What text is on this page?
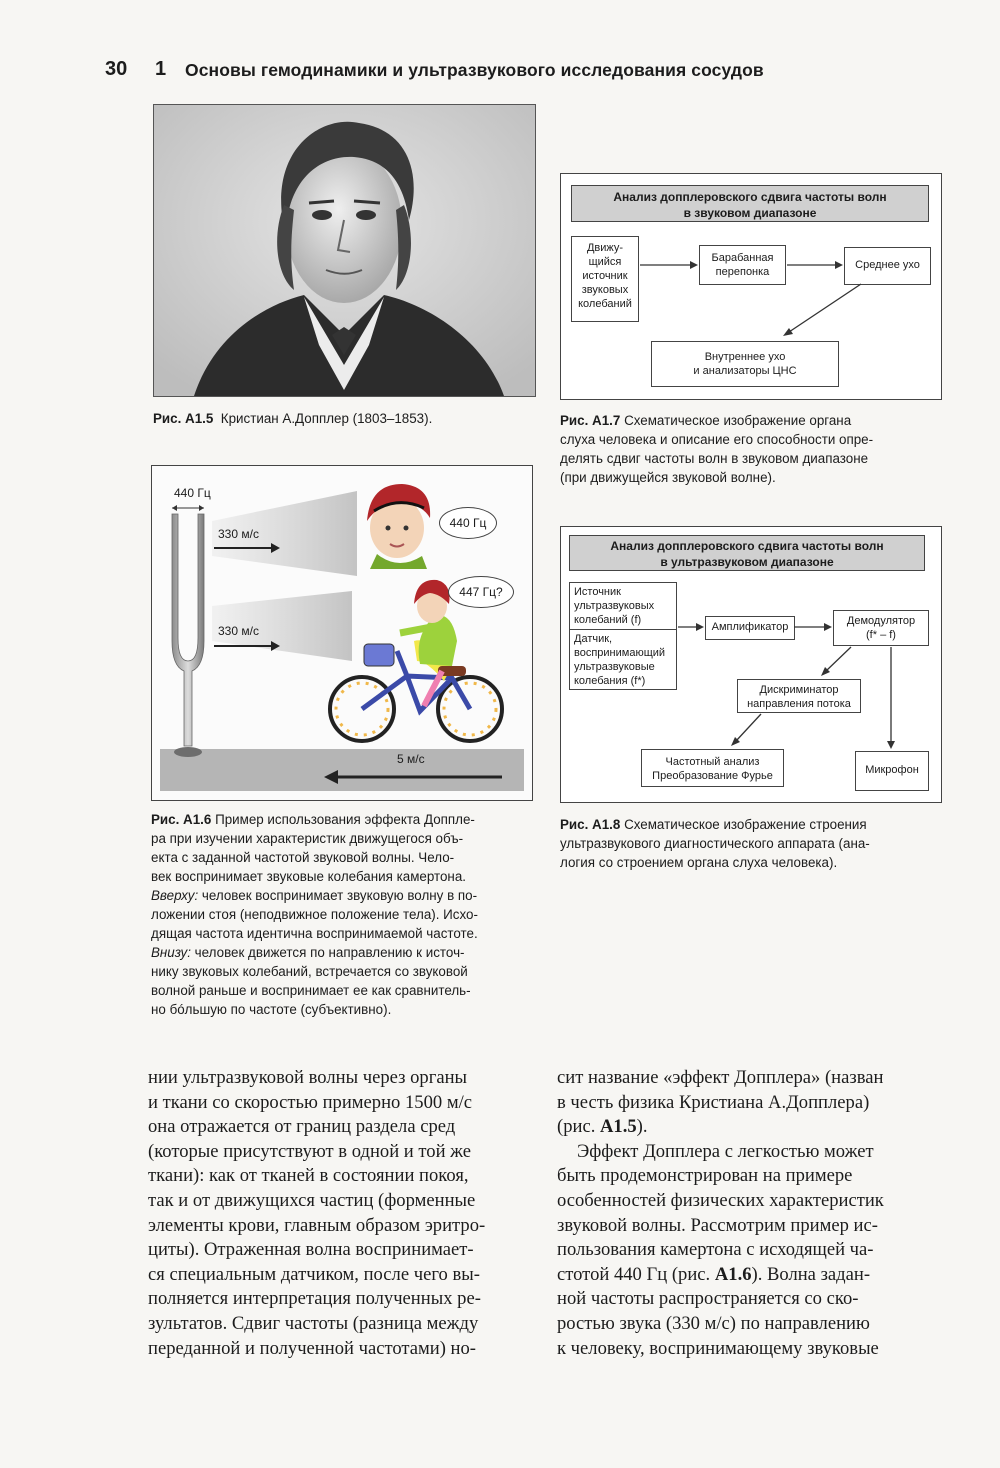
30 1 Основы гемодинамики и ультразвукового исследования сосудов
Рис. А1.5 Кристиан А.Допплер (1803–1853).
440 Гц
330 м/с
330 м/с
440 Гц
447 Гц?
5 м/с
Рис. А1.6 Пример использования эффекта Доппле-
ра при изучении характеристик движущегося объ-
екта с заданной частотой звуковой волны. Чело-
век воспринимает звуковые колебания камертона.
Вверху: человек воспринимает звуковую волну в по-
ложении стоя (неподвижное положение тела). Исхо-
дящая частота идентична воспринимаемой частоте.
Внизу: человек движется по направлению к источ-
нику звуковых колебаний, встречается со звуковой
волной раньше и воспринимает ее как сравнитель-
но бóльшую по частоте (субъективно).
Анализ допплеровского сдвига частоты волн
в звуковом диапазоне
Движу-
щийся
источник
звуковых
колебаний
Барабанная
перепонка
Среднее ухо
Внутреннее ухо
и анализаторы ЦНС
Рис. А1.7 Схематическое изображение органа
слуха человека и описание его способности опре-
делять сдвиг частоты волн в звуковом диапазоне
(при движущейся звуковой волне).
Анализ допплеровского сдвига частоты волн
в ультразвуковом диапазоне
Источник
ультразвуковых
колебаний (f)
Датчик,
воспринимающий
ультразвуковые
колебания (f*)
Амплификатор	Демодулятор
(f* – f)
Дискриминатор
направления потока
Частотный анализ
Преобразование Фурье	Микрофон
Рис. А1.8 Схематическое изображение строения
ультразвукового диагностического аппарата (ана-
логия со строением органа слуха человека).

нии ультразвуковой волны через органы

и ткани со скоростью примерно 1500 м/с

она отражается от границ раздела сред

(которые присутствуют в одной и той же

ткани): как от тканей в состоянии покоя,

так и от движущихся частиц (форменные

элементы крови, главным образом эритро-

циты). Отраженная волна воспринимает-

ся специальным датчиком, после чего вы-

полняется интерпретация полученных ре-

зультатов. Сдвиг частоты (разница между

переданной и полученной частотами) но-

сит название «эффект Допплера» (назван

в честь физика Кристиана А.Допплера)

(рис. А1.5).

Эффект Допплера с легкостью может

быть продемонстрирован на примере

особенностей физических характеристик

звуковой волны. Рассмотрим пример ис-

пользования камертона с исходящей ча-

стотой 440 Гц (рис. А1.6). Волна задан-

ной частоты распространяется со ско-

ростью звука (330 м/с) по направлению

к человеку, воспринимающему звуковые
